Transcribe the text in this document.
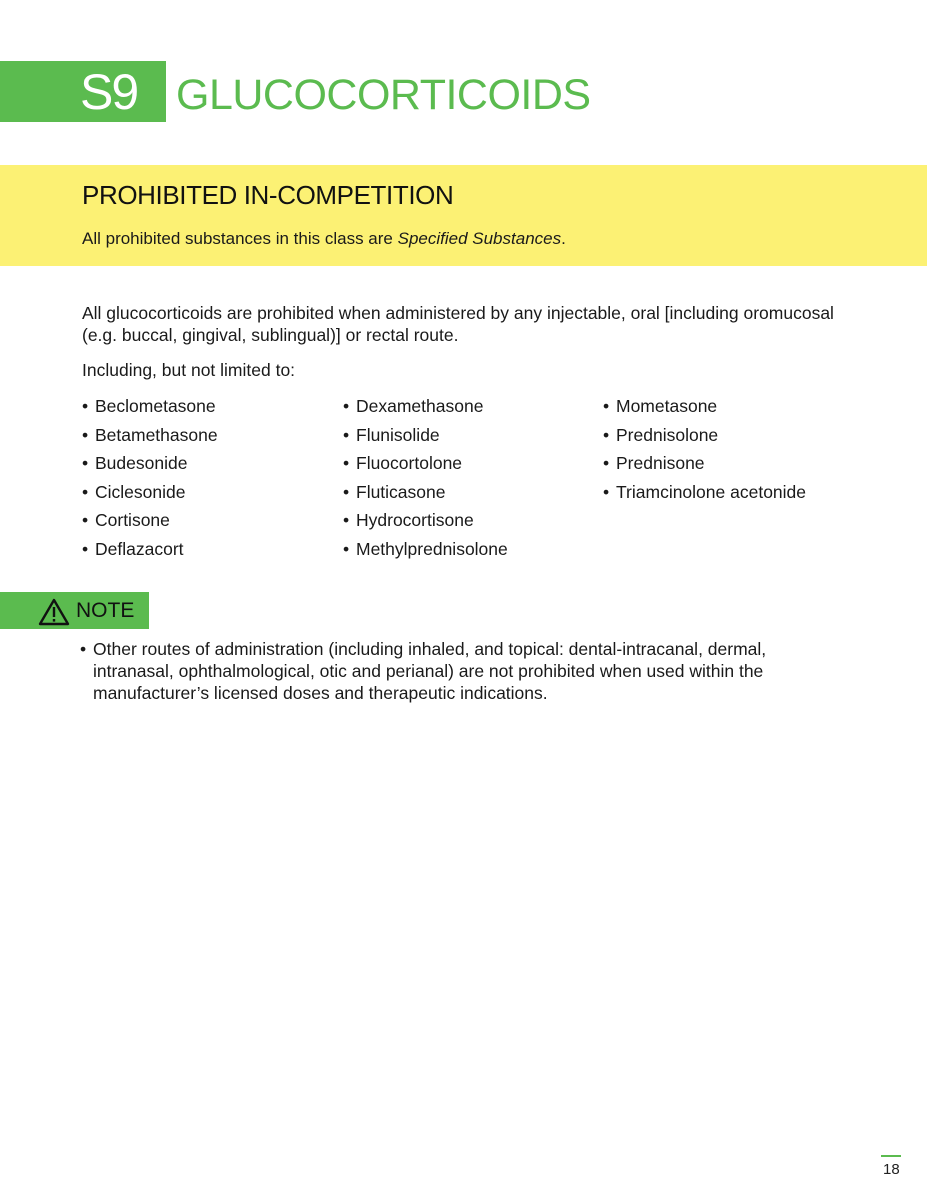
S9 GLUCOCORTICOIDS
PROHIBITED IN-COMPETITION
All prohibited substances in this class are Specified Substances.

All glucocorticoids are prohibited when administered by any injectable, oral [including oromucosal (e.g. buccal, gingival, sublingual)] or rectal route.

Including, but not limited to:

• Beclometasone
• Betamethasone
• Budesonide
• Ciclesonide
• Cortisone
• Deflazacort
• Dexamethasone
• Flunisolide
• Fluocortolone
• Fluticasone
• Hydrocortisone
• Methylprednisolone
• Mometasone
• Prednisolone
• Prednisone
• Triamcinolone acetonide
NOTE
• Other routes of administration (including inhaled, and topical: dental-intracanal, dermal, intranasal, ophthalmological, otic and perianal) are not prohibited when used within the manufacturer’s licensed doses and therapeutic indications.
18
